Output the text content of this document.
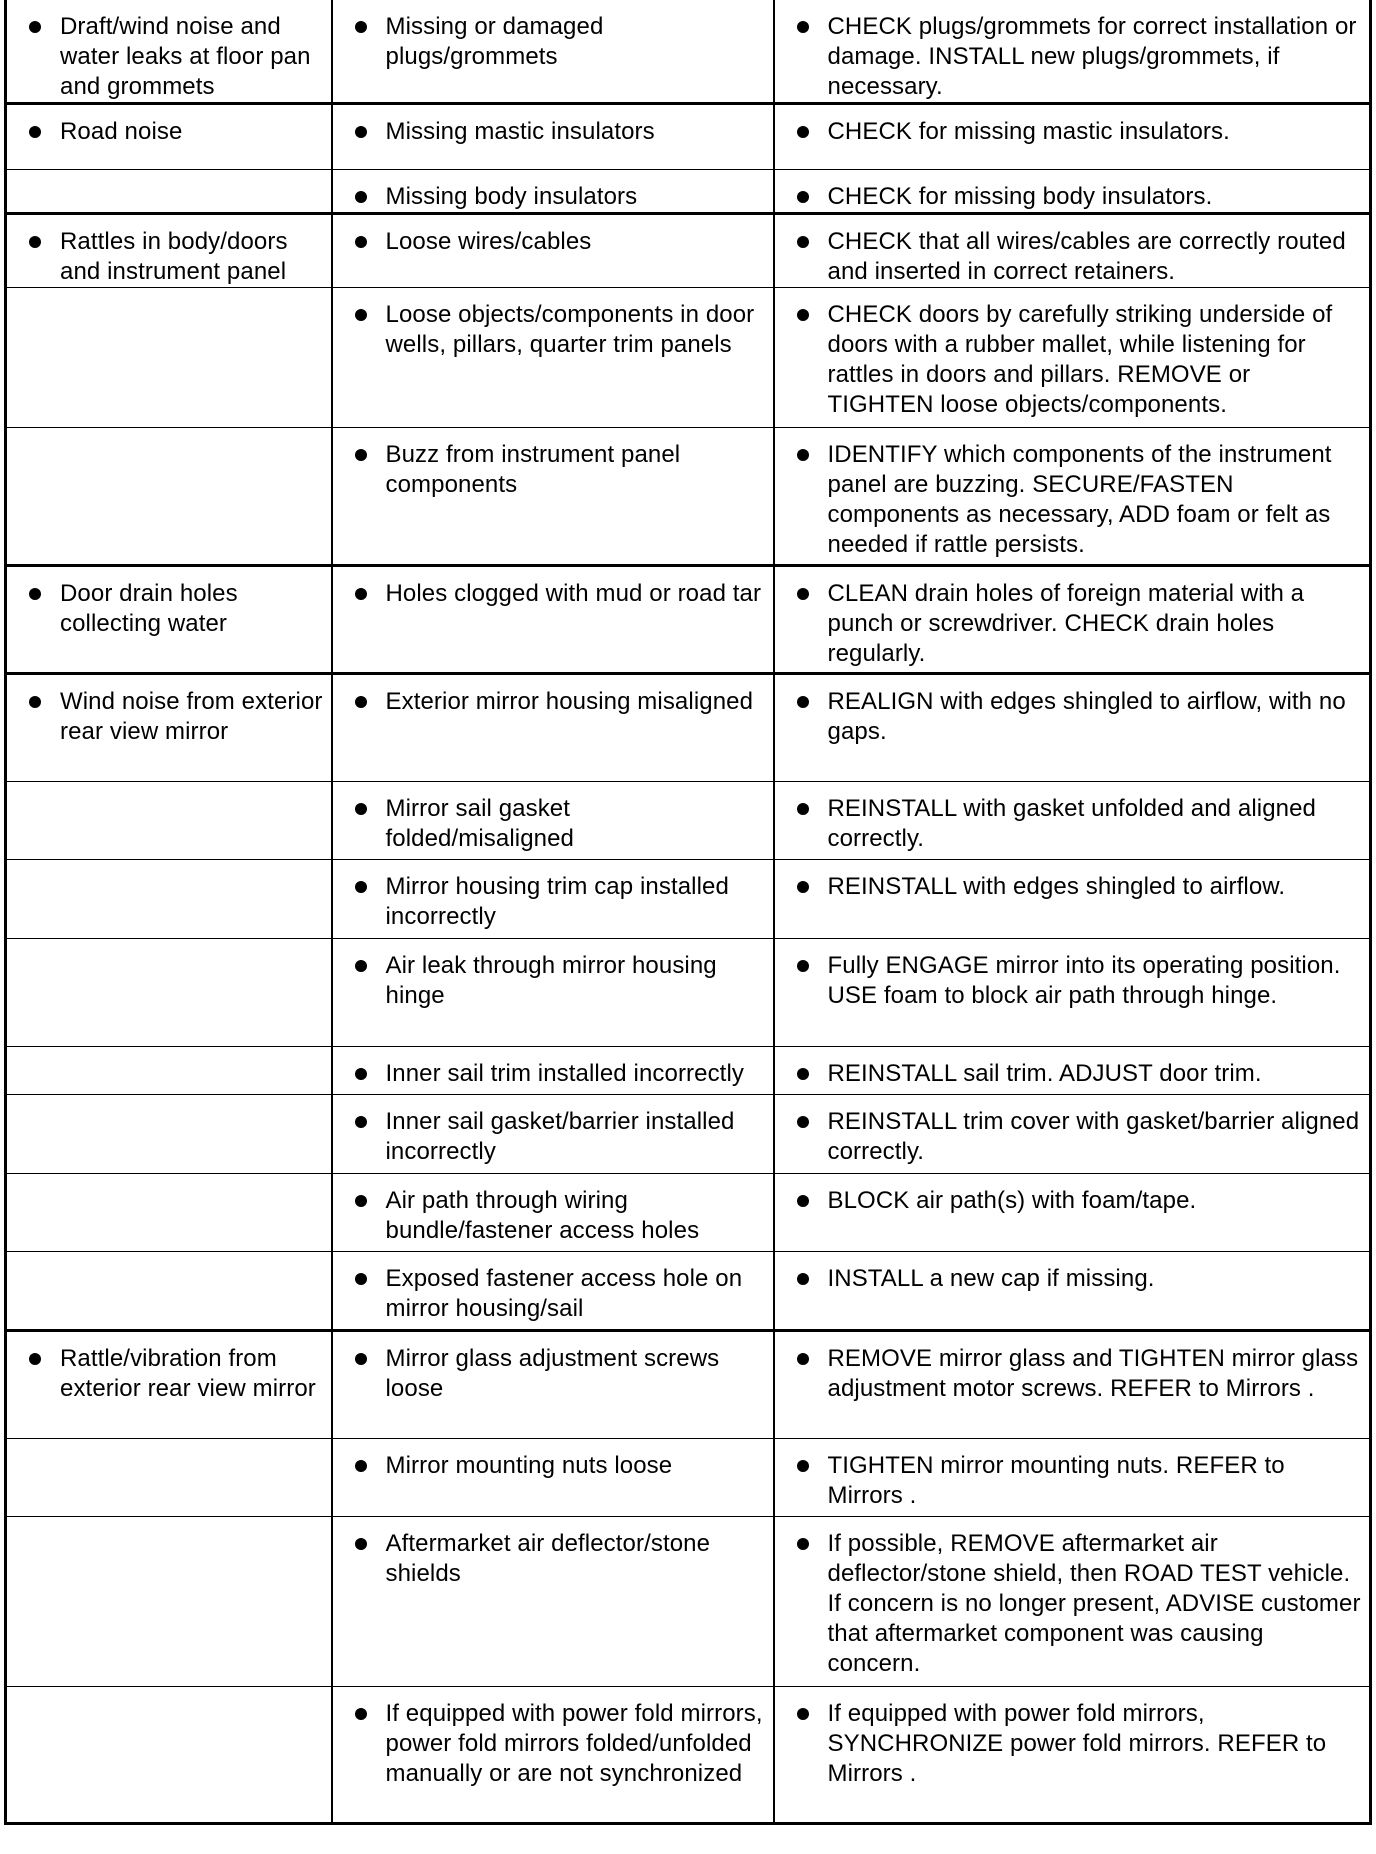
Draft/wind noise and water leaks at floor pan and grommets	Missing or damaged plugs/grommets	CHECK plugs/grommets for correct installation or damage. INSTALL new plugs/grommets, if necessary.

Road noise	Missing mastic insulators	CHECK for missing mastic insulators.

	Missing body insulators	CHECK for missing body insulators.

Rattles in body/doors and instrument panel	Loose wires/cables	CHECK that all wires/cables are correctly routed and inserted in correct retainers.

	Loose objects/components in door wells, pillars, quarter trim panels	CHECK doors by carefully striking underside of doors with a rubber mallet, while listening for rattles in doors and pillars. REMOVE or TIGHTEN loose objects/components.

	Buzz from instrument panel components	IDENTIFY which components of the instrument panel are buzzing. SECURE/FASTEN components as necessary, ADD foam or felt as needed if rattle persists.

Door drain holes collecting water	Holes clogged with mud or road tar	CLEAN drain holes of foreign material with a punch or screwdriver. CHECK drain holes regularly.

Wind noise from exterior rear view mirror	Exterior mirror housing misaligned	REALIGN with edges shingled to airflow, with no gaps.

	Mirror sail gasket folded/misaligned	REINSTALL with gasket unfolded and aligned correctly.

	Mirror housing trim cap installed incorrectly	REINSTALL with edges shingled to airflow.

	Air leak through mirror housing hinge	Fully ENGAGE mirror into its operating position. USE foam to block air path through hinge.

	Inner sail trim installed incorrectly	REINSTALL sail trim. ADJUST door trim.

	Inner sail gasket/barrier installed incorrectly	REINSTALL trim cover with gasket/barrier aligned correctly.

	Air path through wiring bundle/fastener access holes	BLOCK air path(s) with foam/tape.

	Exposed fastener access hole on mirror housing/sail	INSTALL a new cap if missing.

Rattle/vibration from exterior rear view mirror	Mirror glass adjustment screws loose	REMOVE mirror glass and TIGHTEN mirror glass adjustment motor screws. REFER to Mirrors .

	Mirror mounting nuts loose	TIGHTEN mirror mounting nuts. REFER to Mirrors .

	Aftermarket air deflector/stone shields	If possible, REMOVE aftermarket air deflector/stone shield, then ROAD TEST vehicle. If concern is no longer present, ADVISE customer that aftermarket component was causing concern.

	If equipped with power fold mirrors, power fold mirrors folded/unfolded manually or are not synchronized	If equipped with power fold mirrors, SYNCHRONIZE power fold mirrors. REFER to Mirrors .
